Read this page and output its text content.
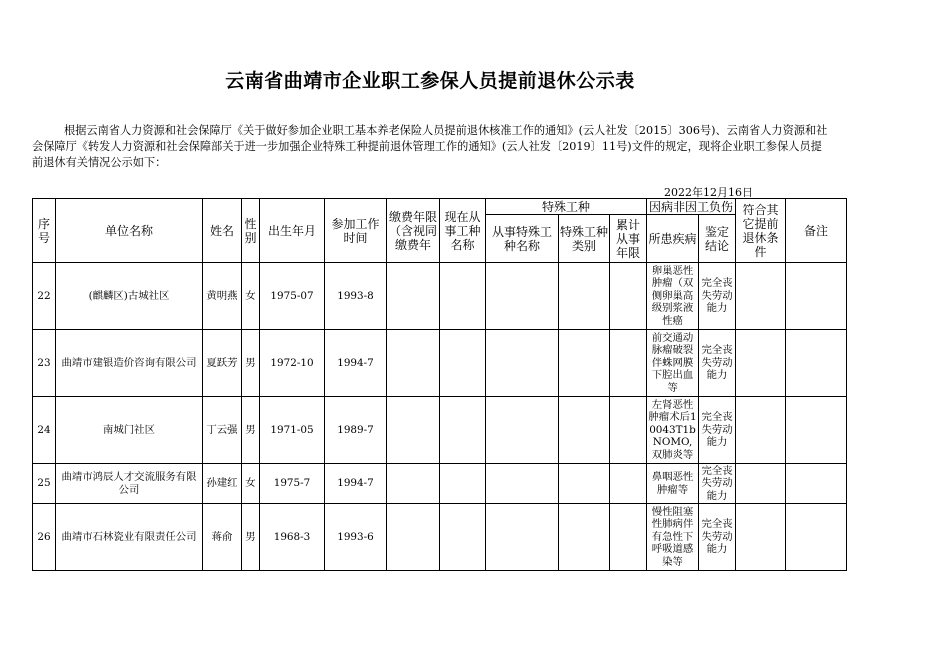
云南省曲靖市企业职工参保人员提前退休公示表
根据云南省人力资源和社会保障厅《关于做好参加企业职工基本养老保险人员提前退休核准工作的通知》(云人社发〔2015〕306号)、云南省人力资源和社会保障厅《转发人力资源和社会保障部关于进一步加强企业特殊工种提前退休管理工作的通知》(云人社发〔2019〕11号)文件的规定，现将企业职工参保人员提前退休有关情况公示如下：
2022年12月16日
序号	单位名称	姓名	性别	出生年月	参加工作时间	缴费年限（含视同缴费年	现在从事工种名称	特殊工种			因病非因工负伤		符合其它提前退休条件	备注
								从事特殊工种名称	特殊工种类别	累计从事年限	所患疾病	鉴定结论		
22	(麒麟区)古城社区	黄明燕	女	1975-07	1993-8						卵巢恶性肿瘤（双侧卵巢高级别浆液性癌	完全丧失劳动能力		
23	曲靖市建银造价咨询有限公司	夏跃芳	男	1972-10	1994-7						前交通动脉瘤破裂伴蛛网膜下腔出血等	完全丧失劳动能力		
24	南城门社区	丁云强	男	1971-05	1989-7						左肾恶性肿瘤术后10043T1bNOMO,双肺炎等	完全丧失劳动能力		
25	曲靖市鸿辰人才交流服务有限公司	孙建红	女	1975-7	1994-7						鼻咽恶性肿瘤等	完全丧失劳动能力		
26	曲靖市石林瓷业有限责任公司	蒋俞	男	1968-3	1993-6						慢性阻塞性肺病伴有急性下呼吸道感染等	完全丧失劳动能力		
